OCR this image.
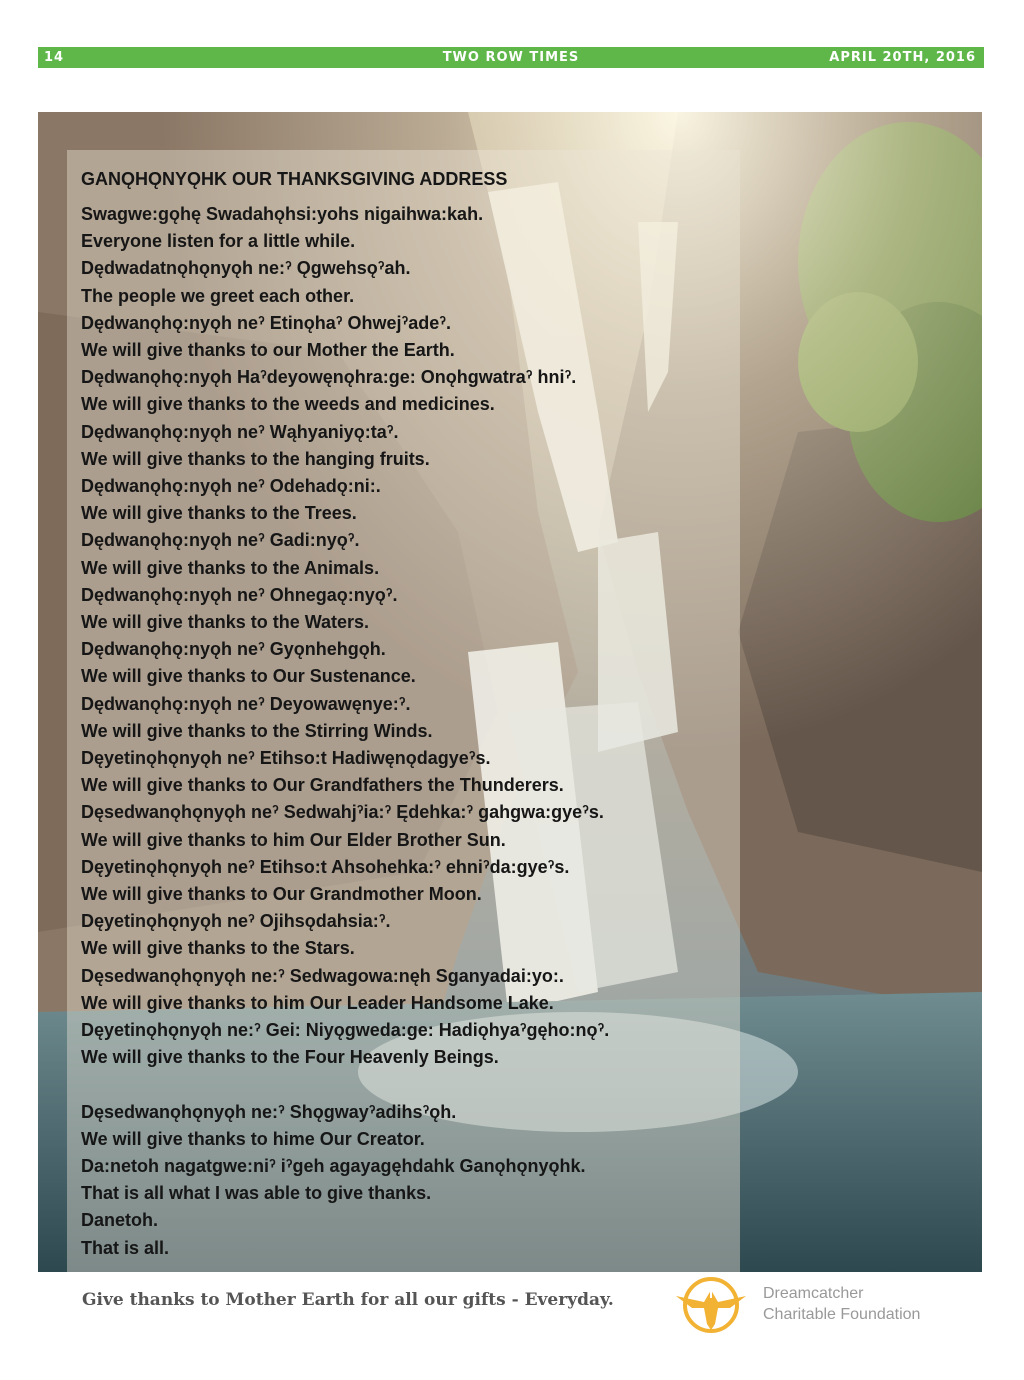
14	TWO ROW TIMES	APRIL 20TH, 2016
GANǪHǪNYǪHK OUR THANKSGIVING ADDRESS
Swagwe:gǫhę Swadahǫhsi:yohs nigaihwa:kah.
Everyone listen for a little while.
Dędwadatnǫhǫnyǫh ne:ˀ Ǫgwehsǫˀah.
The people we greet each other.
Dędwanǫhǫ:nyǫh neˀ Etinǫhaˀ Ohwejˀadeˀ.
We will give thanks to our Mother the Earth.
Dędwanǫhǫ:nyǫh Haˀdeyowęnǫhra:ge: Onǫhgwatraˀ hniˀ.
We will give thanks to the weeds and medicines.
Dędwanǫhǫ:nyǫh neˀ Wąhyaniyǫ:taˀ.
We will give thanks to the hanging fruits.
Dędwanǫhǫ:nyǫh neˀ Odehadǫ:ni:.
We will give thanks to the Trees.
Dędwanǫhǫ:nyǫh neˀ Gadi:nyǫˀ.
We will give thanks to the Animals.
Dędwanǫhǫ:nyǫh neˀ Ohnegaǫ:nyǫˀ.
We will give thanks to the Waters.
Dędwanǫhǫ:nyǫh neˀ Gyǫnhehgǫh.
We will give thanks to Our Sustenance.
Dędwanǫhǫ:nyǫh neˀ Deyowawęnye:ˀ.
We will give thanks to the Stirring Winds.
Dęyetinǫhǫnyǫh neˀ Etihso:t Hadiwęnǫdagyeˀs.
We will give thanks to Our Grandfathers the Thunderers.
Dęsedwanǫhǫnyǫh neˀ Sedwahjˀia:ˀ Ędehka:ˀ gahgwa:gyeˀs.
We will give thanks to him Our Elder Brother Sun.
Dęyetinǫhǫnyǫh neˀ Etihso:t Ahsohehka:ˀ ehniˀda:gyeˀs.
We will give thanks to Our Grandmother Moon.
Dęyetinǫhǫnyǫh neˀ Ojihsǫdahsia:ˀ.
We will give thanks to the Stars.
Dęsedwanǫhǫnyǫh ne:ˀ Sedwagowa:nęh Sganyadai:yo:.
We will give thanks to him Our Leader Handsome Lake.
Dęyetinǫhǫnyǫh ne:ˀ Gei: Niyǫgweda:ge: Hadiǫhyaˀgęho:nǫˀ.
We will give thanks to the Four Heavenly Beings.
Dęsedwanǫhǫnyǫh ne:ˀ Shǫgwayˀadihsˀǫh.
We will give thanks to hime Our Creator.
Da:netoh nagatgwe:niˀ iˀgeh agayagęhdahk Ganǫhǫnyǫhk.
That is all what I was able to give thanks.
Danetoh.
That is all.
Give thanks to Mother Earth for all our gifts - Everyday.	Dreamcatcher
Charitable Foundation
